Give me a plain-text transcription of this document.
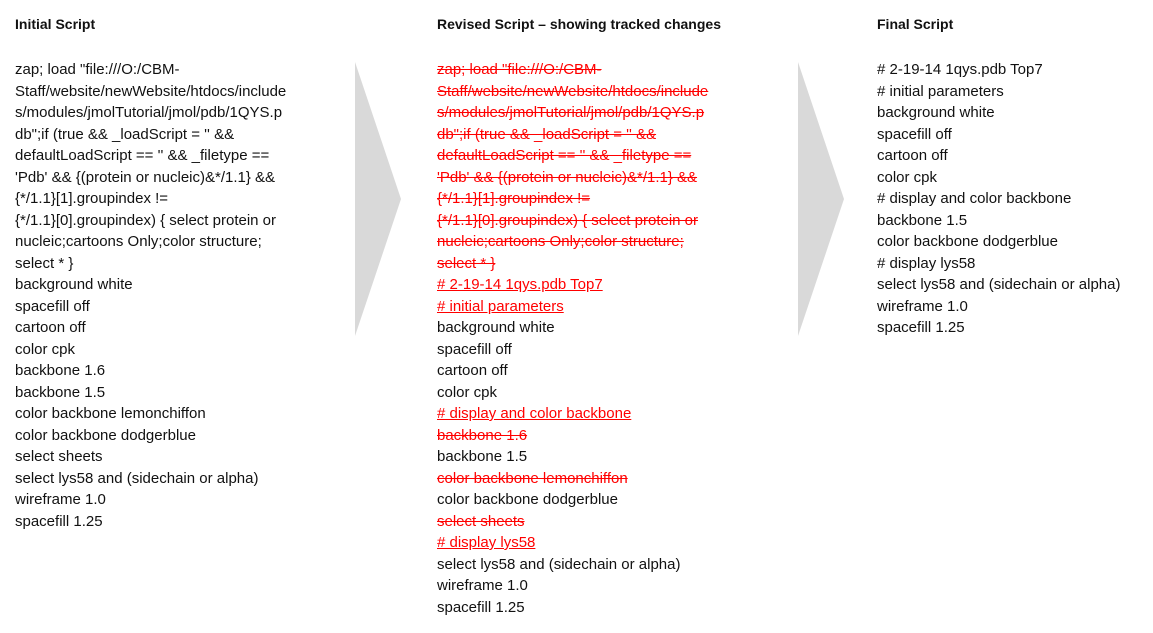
Initial Script
zap; load "file:///O:/CBM-
Staff/website/newWebsite/htdocs/include
s/modules/jmolTutorial/jmol/pdb/1QYS.p
db";if (true && _loadScript = '' &&
defaultLoadScript == '' && _filetype ==
'Pdb' && {(protein or nucleic)&*/1.1} &&
{*/1.1}[1].groupindex !=
{*/1.1}[0].groupindex) { select protein or
nucleic;cartoons Only;color structure;
select * }
background white
spacefill off
cartoon off
color cpk
backbone 1.6
backbone 1.5
color backbone lemonchiffon
color backbone dodgerblue
select sheets
select lys58 and (sidechain or alpha)
wireframe 1.0
spacefill 1.25
Revised Script – showing tracked changes
zap; load "file:///O:/CBM-
Staff/website/newWebsite/htdocs/include
s/modules/jmolTutorial/jmol/pdb/1QYS.p
db";if (true && _loadScript = '' &&
defaultLoadScript == '' && _filetype ==
'Pdb' && {(protein or nucleic)&*/1.1} &&
{*/1.1}[1].groupindex !=
{*/1.1}[0].groupindex) { select protein or
nucleic;cartoons Only;color structure;
select * }
# 2-19-14 1qys.pdb Top7
# initial parameters
background white
spacefill off
cartoon off
color cpk
# display and color backbone
backbone 1.6
backbone 1.5
color backbone lemonchiffon
color backbone dodgerblue
select sheets
# display lys58
select lys58 and (sidechain or alpha)
wireframe 1.0
spacefill 1.25
Final Script
# 2-19-14 1qys.pdb Top7
# initial parameters
background white
spacefill off
cartoon off
color cpk
# display and color backbone
backbone 1.5
color backbone dodgerblue
# display lys58
select lys58 and (sidechain or alpha)
wireframe 1.0
spacefill 1.25
